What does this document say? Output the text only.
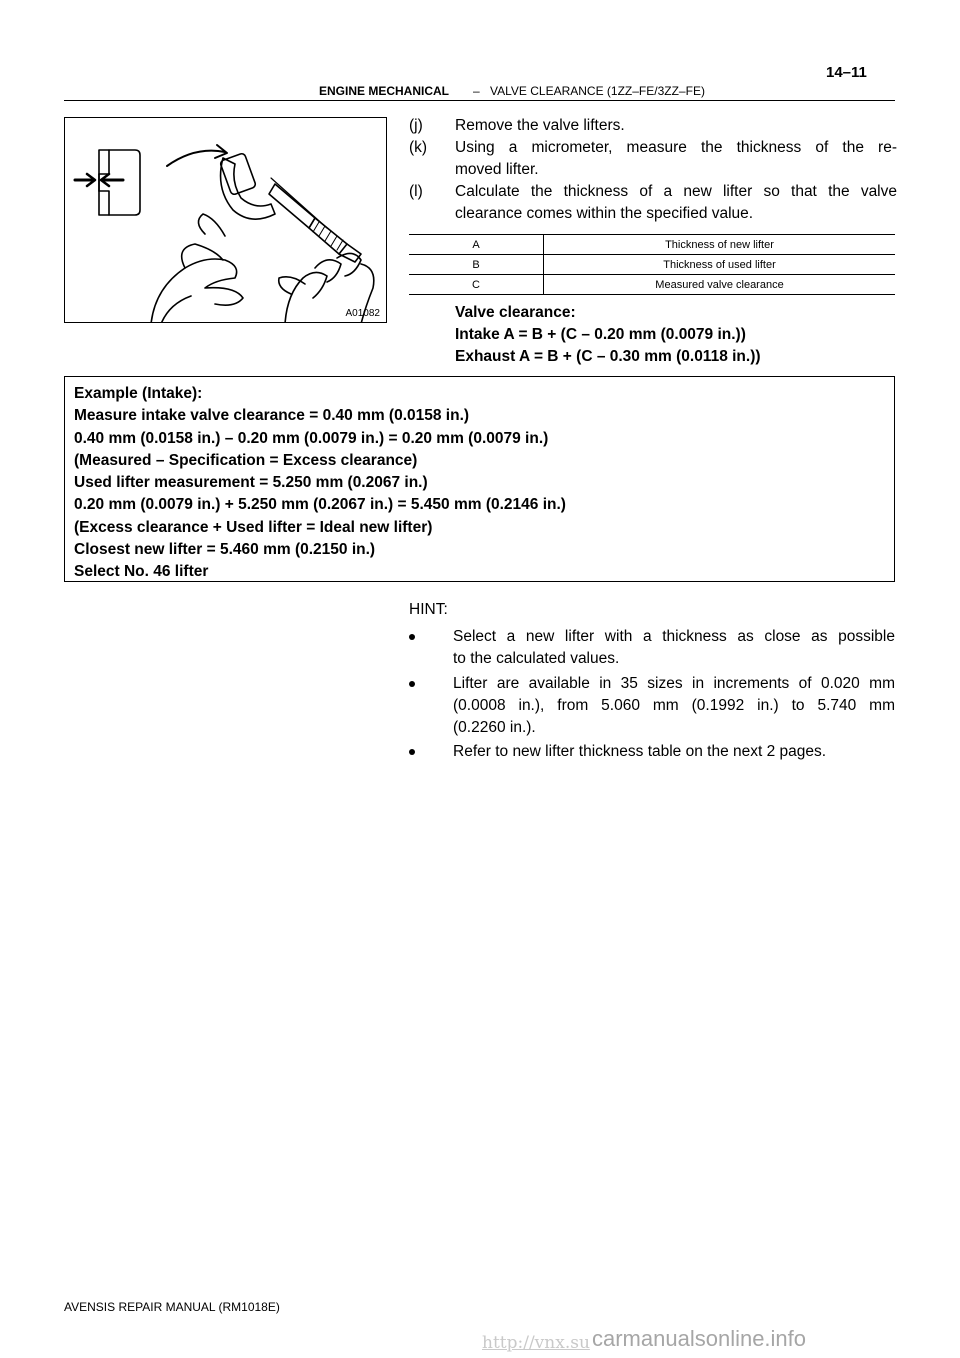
ENGINE MECHANICAL – VALVE CLEARANCE (1ZZ–FE/3ZZ–FE)
14–11
A01082
(j) Remove the valve lifters.
(k) Using a micrometer, measure the thickness of the re-
moved lifter.
(l) Calculate the thickness of a new lifter so that the valve
clearance comes within the specified value.
A	Thickness of new lifter
B	Thickness of used lifter
C	Measured valve clearance
Valve clearance:
Intake A = B + (C – 0.20 mm (0.0079 in.))
Exhaust A = B + (C – 0.30 mm (0.0118 in.))
Example (Intake):
Measure intake valve clearance = 0.40 mm (0.0158 in.)
0.40 mm (0.0158 in.) – 0.20 mm (0.0079 in.) = 0.20 mm (0.0079 in.)
(Measured – Specification = Excess clearance)
Used lifter measurement = 5.250 mm (0.2067 in.)
0.20 mm (0.0079 in.) + 5.250 mm (0.2067 in.) = 5.450 mm (0.2146 in.)
(Excess clearance + Used lifter = Ideal new lifter)
Closest new lifter = 5.460 mm (0.2150 in.)
Select No. 46 lifter
HINT:
Select a new lifter with a thickness as close as possible
to the calculated values.
Lifter are available in 35 sizes in increments of 0.020 mm
(0.0008 in.), from 5.060 mm (0.1992 in.) to 5.740 mm
(0.2260 in.).
Refer to new lifter thickness table on the next 2 pages.
AVENSIS REPAIR MANUAL (RM1018E)
http://vnx.su carmanualsonline.info
